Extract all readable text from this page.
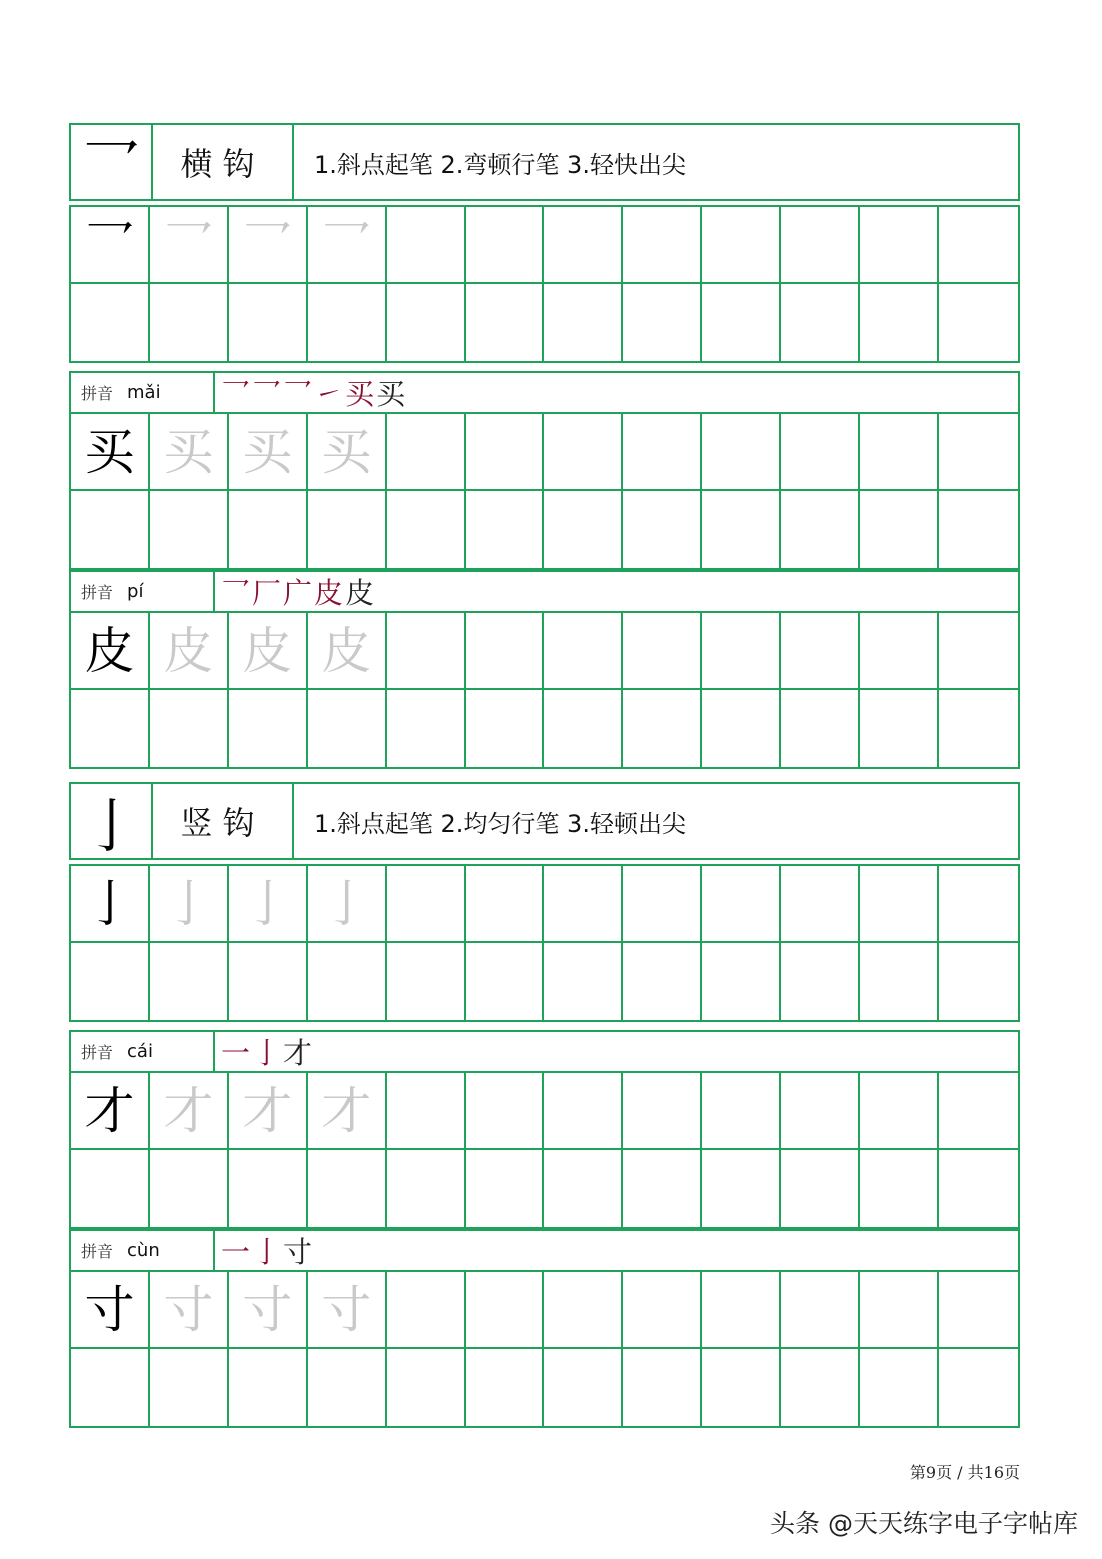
乛	横钩	1.斜点起笔 2.弯顿行笔 3.轻快出尖
乛 乛 乛 乛
拼音 mǎi 乛 乛 乛 ㇀ 买 买
买 买 买 买
拼音 pí	乛 厂 广 皮 皮
皮 皮 皮 皮
亅	竖钩	1.斜点起笔 2.均匀行笔 3.轻顿出尖
亅 亅 亅 亅
拼音 cái 一 亅 才
才 才 才 才
拼音 cùn 一 亅 寸
寸 寸 寸 寸
第9页 / 共16页
头条 @天天练字电子字帖库
